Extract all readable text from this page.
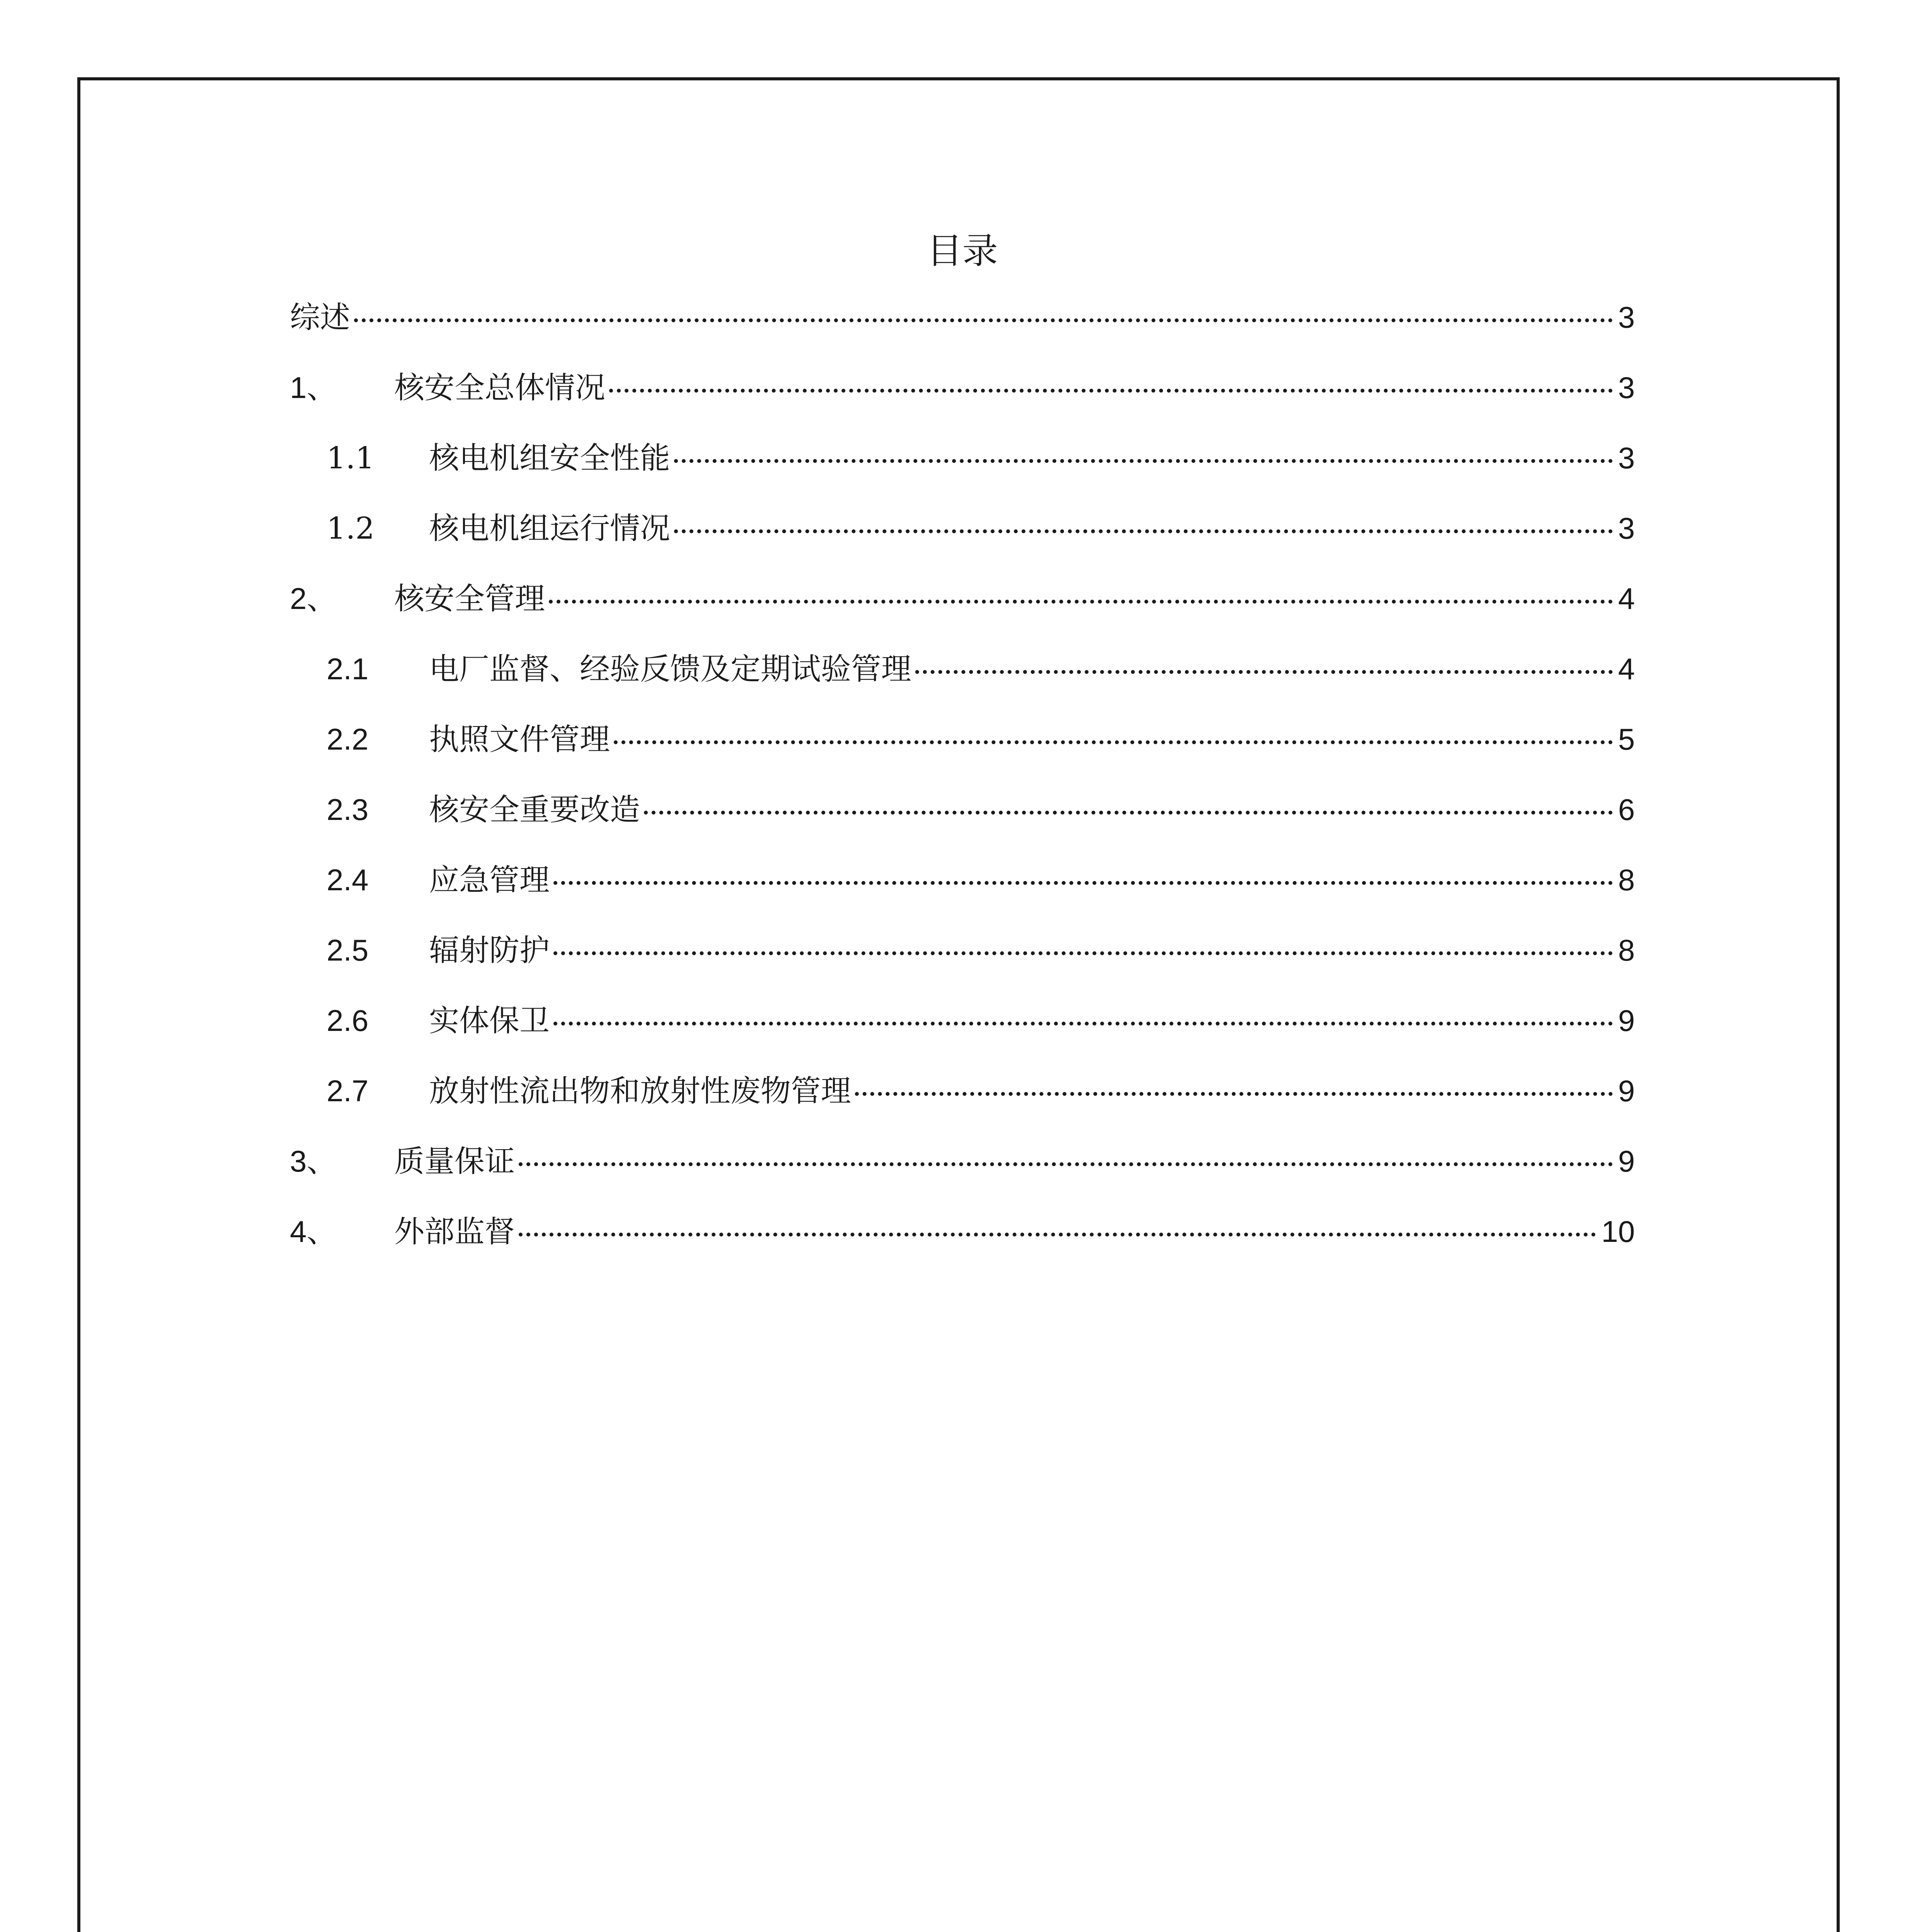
目录
综述	3
1、	核安全总体情况	3
1.1	核电机组安全性能	3
1.2	核电机组运行情况	3
2、	核安全管理	4
2.1	电厂监督、经验反馈及定期试验管理	4
2.2	执照文件管理	5
2.3	核安全重要改造	6
2.4	应急管理	8
2.5	辐射防护	8
2.6	实体保卫	9
2.7	放射性流出物和放射性废物管理	9
3、	质量保证	9
4、	外部监督	10
